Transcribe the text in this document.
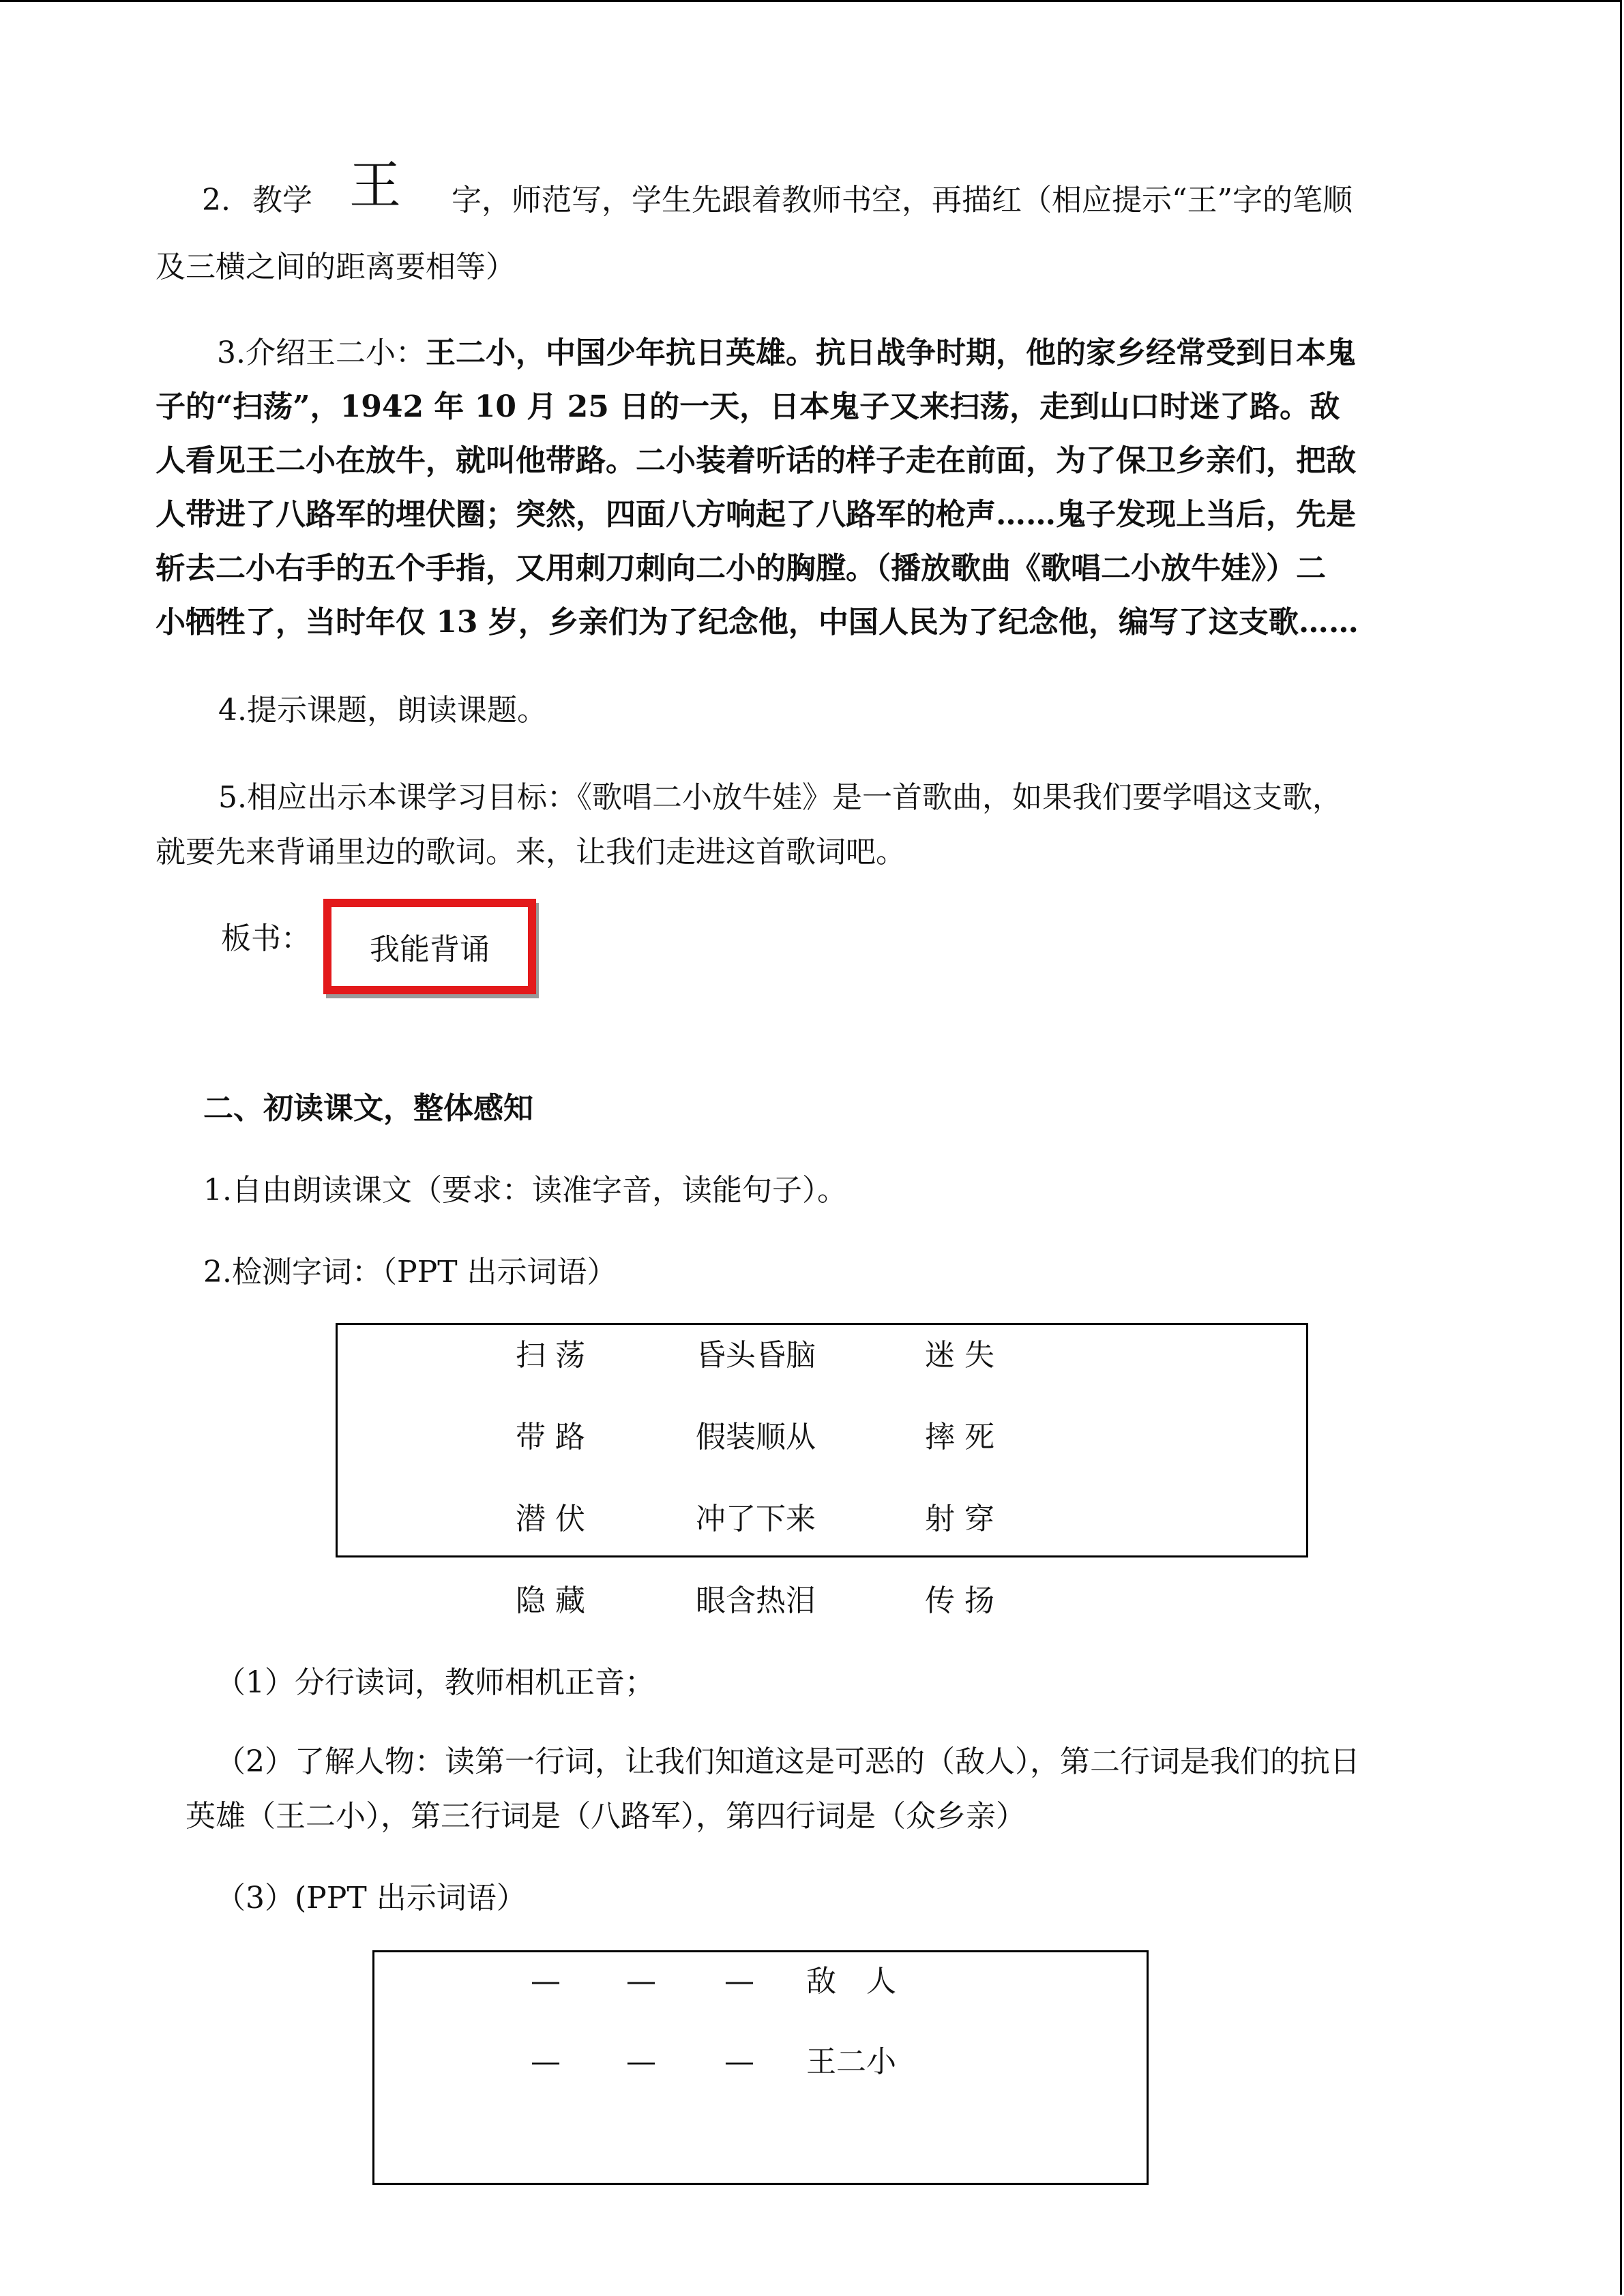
2. 教学 王 字，师范写，学生先跟着教师书空，再描红（相应提示“王”字的笔顺
及三横之间的距离要相等）
3.介绍王二小：王二小，中国少年抗日英雄。抗日战争时期，他的家乡经常受到日本鬼
子的“扫荡”，1942 年 10 月 25 日的一天，日本鬼子又来扫荡，走到山口时迷了路。敌
人看见王二小在放牛，就叫他带路。二小装着听话的样子走在前面，为了保卫乡亲们，把敌
人带进了八路军的埋伏圈；突然，四面八方响起了八路军的枪声……鬼子发现上当后，先是
斩去二小右手的五个手指，又用刺刀刺向二小的胸膛。（播放歌曲《歌唱二小放牛娃》）二
小牺牲了，当时年仅 13 岁，乡亲们为了纪念他，中国人民为了纪念他，编写了这支歌……
4.提示课题，朗读课题。
5.相应出示本课学习目标：《歌唱二小放牛娃》是一首歌曲，如果我们要学唱这支歌，
就要先来背诵里边的歌词。来，让我们走进这首歌词吧。
板书：	我能背诵
二、初读课文，整体感知
1.自由朗读课文（要求：读准字音，读能句子）。
2.检测字词：（PPT 出示词语）
扫 荡	昏头昏脑	迷 失
带 路	假装顺从	摔 死
潜 伏	冲了下来	射 穿
隐 藏	眼含热泪	传 扬
（1）分行读词，教师相机正音；
（2）了解人物：读第一行词，让我们知道这是可恶的（敌人），第二行词是我们的抗日
英雄（王二小），第三行词是（八路军），第四行词是（众乡亲）
（3）(PPT 出示词语）
— — — 敌　人
— — — 王二小
